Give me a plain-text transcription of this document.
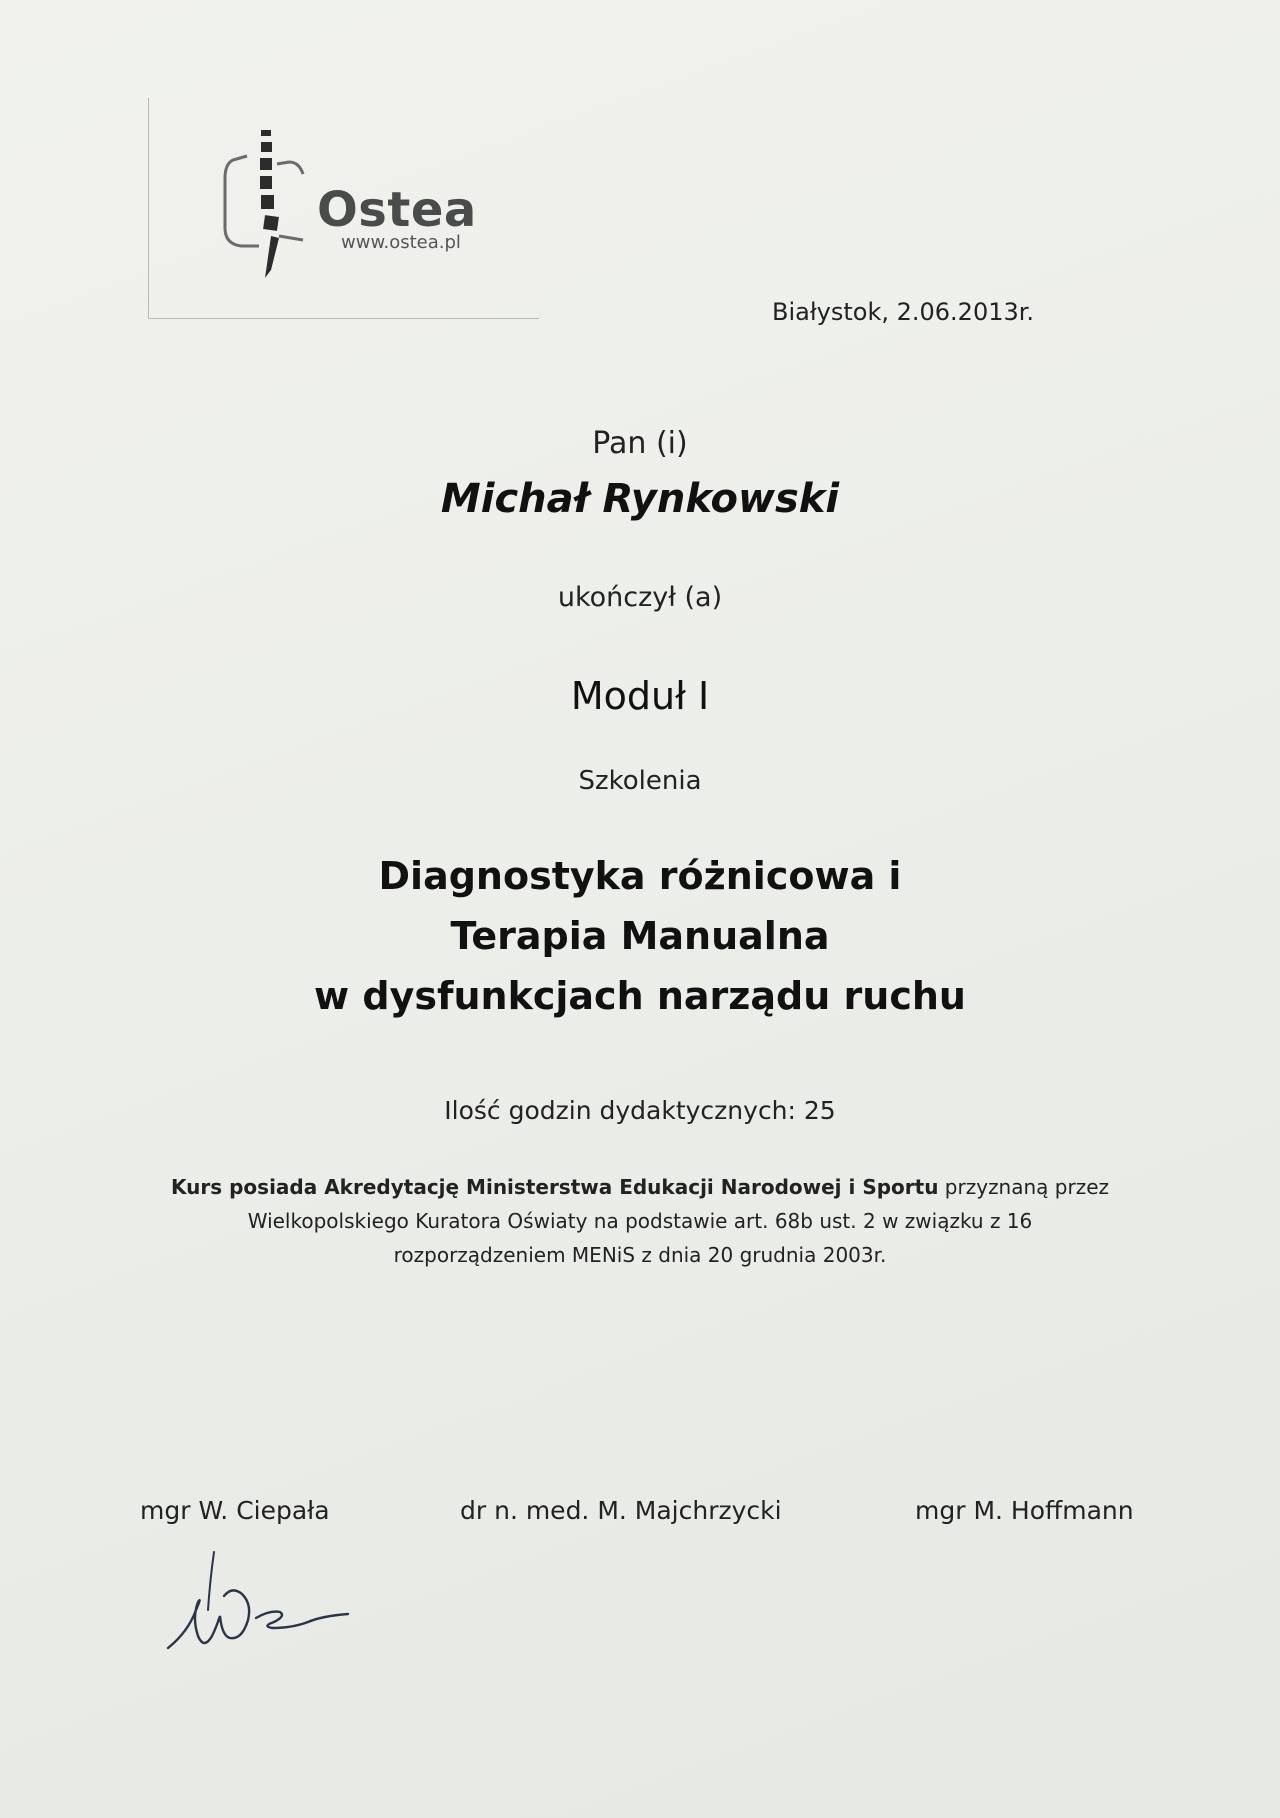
Ostea
www.ostea.pl
Białystok, 2.06.2013r.
Pan (i)
Michał Rynkowski
ukończył (a)
Moduł I
Szkolenia
Diagnostyka różnicowa i
Terapia Manualna
w dysfunkcjach narządu ruchu
Ilość godzin dydaktycznych: 25
Kurs posiada Akredytację Ministerstwa Edukacji Narodowej i Sportu przyznaną przez
Wielkopolskiego Kuratora Oświaty na podstawie art. 68b ust. 2 w związku z 16
rozporządzeniem MENiS z dnia 20 grudnia 2003r.
mgr W. Ciepała	dr n. med. M. Majchrzycki	mgr M. Hoffmann
